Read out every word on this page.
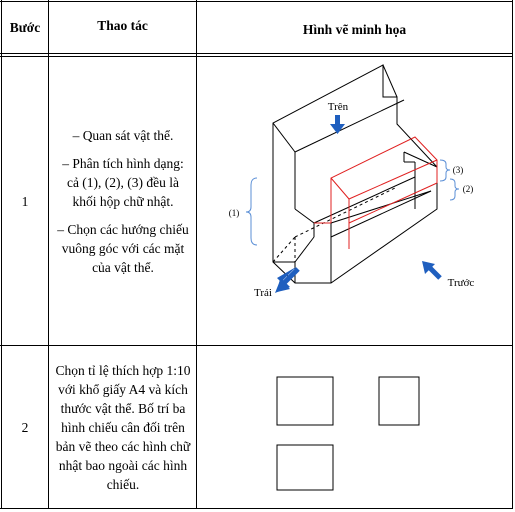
Bước	Thao tác	Hình vẽ minh họa
1

– Quan sát vật thể.

– Phân tích hình dạng: cả (1), (2), (3) đều là khối hộp chữ nhật.

– Chọn các hướng chiếu vuông góc với các mặt của vật thể.

Trên
Trái
Trước
(1)
(3)
(2)
2

Chọn tỉ lệ thích hợp 1:10 với khổ giấy A4 và kích thước vật thể. Bố trí ba hình chiếu cân đối trên bản vẽ theo các hình chữ nhật bao ngoài các hình chiếu.
